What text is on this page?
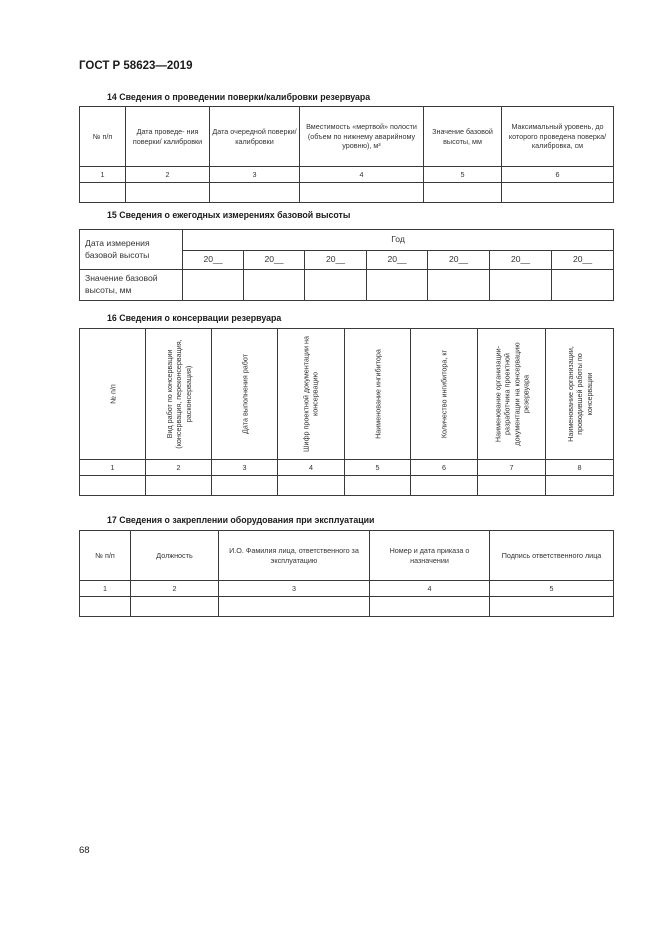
ГОСТ Р 58623—2019
14 Сведения о проведении поверки/калибровки резервуара
№ п/п	Дата проведе- ния поверки/ калибровки	Дата очередной поверки/ калибровки	Вместимость «мертвой» полости (объем по нижнему аварийному уровню), м³	Значение базовой высоты, мм	Максимальный уровень, до которого проведена поверка/ калибровка, см
1	2	3	4	5	6

15 Сведения о ежегодных измерениях базовой высоты
Дата измерения базовой высоты	Год						
	20__	20__	20__	20__	20__	20__	20__
Значение базовой высоты, мм							
16 Сведения о консервации резервуара
№ п/п	Вид работ по консервации (консервация, переконсервация, расконсервация)	Дата выполнения работ	Шифр проектной документации на консервацию	Наименование ингибитора	Количество ингибитора, кг	Наименование организации-разработчика проектной документации на консервацию резервуара	Наименование организации, проводившей работы по консервации

1	2	3	4	5	6	7	8

17 Сведения о закреплении оборудования при эксплуатации
№ п/п	Должность	И.О. Фамилия лица, ответственного за эксплуатацию	Номер и дата приказа о назначении	Подпись ответственного лица
1	2	3	4	5

68
